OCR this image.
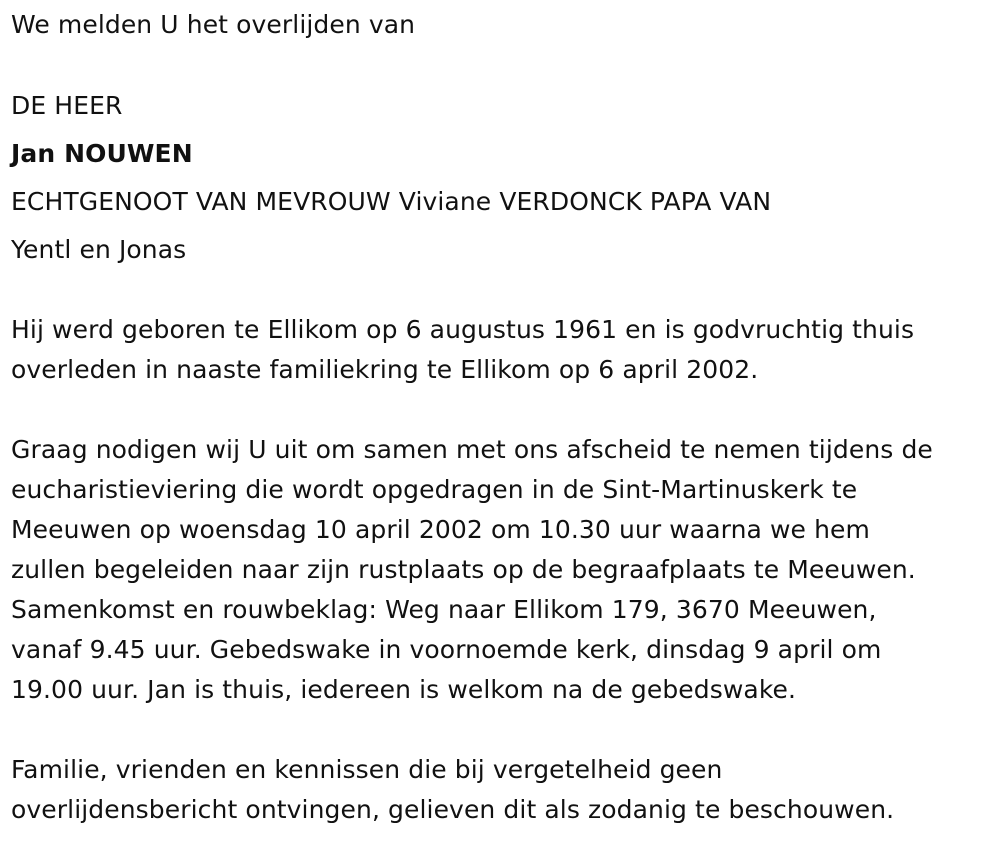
We melden U het overlijden van

DE HEER

Jan NOUWEN

ECHTGENOOT VAN MEVROUW Viviane VERDONCK PAPA VAN

Yentl en Jonas

Hij werd geboren te Ellikom op 6 augustus 1961 en is godvruchtig thuis

overleden in naaste familiekring te Ellikom op 6 april 2002.

Graag nodigen wij U uit om samen met ons afscheid te nemen tijdens de

eucharistieviering die wordt opgedragen in de Sint-Martinuskerk te

Meeuwen op woensdag 10 april 2002 om 10.30 uur waarna we hem

zullen begeleiden naar zijn rustplaats op de begraafplaats te Meeuwen.

Samenkomst en rouwbeklag: Weg naar Ellikom 179, 3670 Meeuwen,

vanaf 9.45 uur. Gebedswake in voornoemde kerk, dinsdag 9 april om

19.00 uur. Jan is thuis, iedereen is welkom na de gebedswake.

Familie, vrienden en kennissen die bij vergetelheid geen

overlijdensbericht ontvingen, gelieven dit als zodanig te beschouwen.
